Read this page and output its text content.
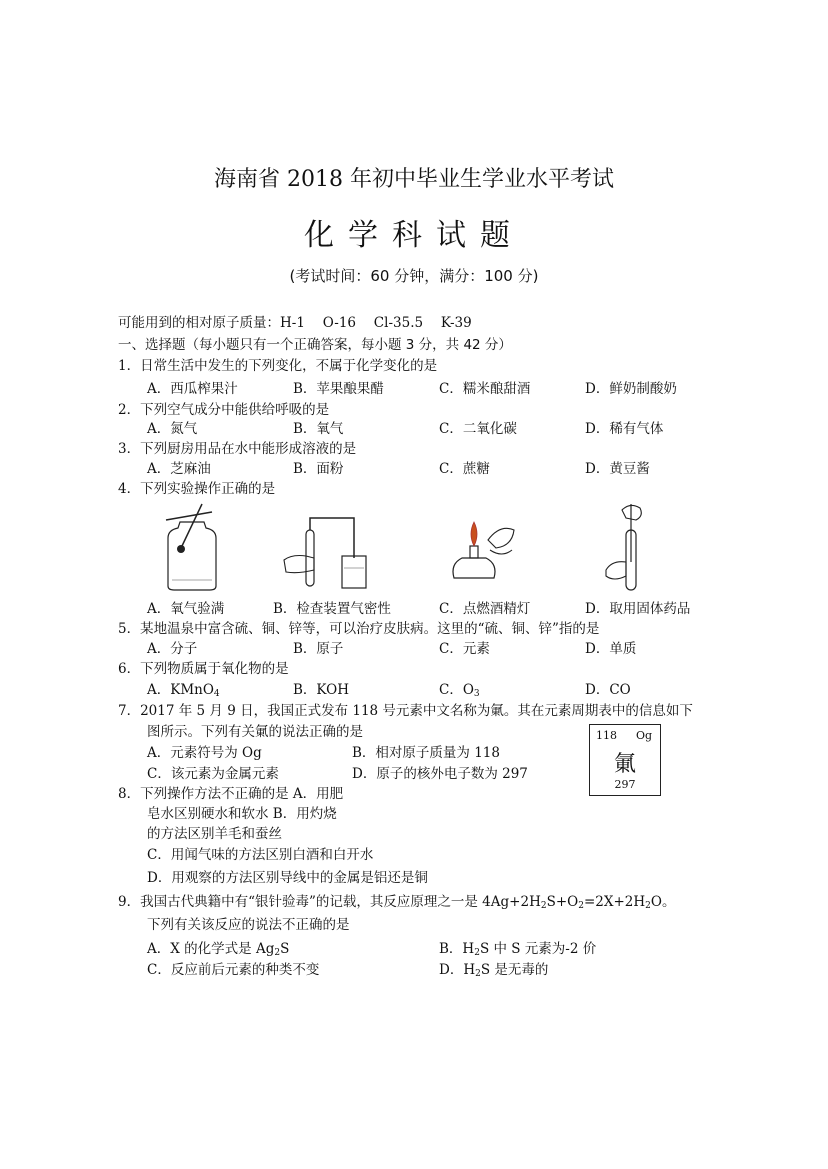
海南省 2018 年初中毕业生学业水平考试
化学科试题
(考试时间：60 分钟，满分：100 分)
可能用到的相对原子质量：H-1　 O-16　 Cl-35.5　 K-39
一、选择题（每小题只有一个正确答案，每小题 3 分，共 42 分）
1．日常生活中发生的下列变化，不属于化学变化的是
A．西瓜榨果汁	B．苹果酿果醋	C．糯米酿甜酒	D．鲜奶制酸奶
2．下列空气成分中能供给呼吸的是
A．氮气	B．氧气	C．二氧化碳	D．稀有气体
3．下列厨房用品在水中能形成溶液的是
A．芝麻油	B．面粉	C．蔗糖	D．黄豆酱
4．下列实验操作正确的是
A．氧气验满	B．检查装置气密性	C．点燃酒精灯	D．取用固体药品
5．某地温泉中富含硫、铜、锌等，可以治疗皮肤病。这里的“硫、铜、锌”指的是
A．分子	B．原子	C．元素	D．单质
6．下列物质属于氧化物的是
A．KMnO$_4$	B．KOH	C．$O_3$	D．CO
7．2017 年 5 月 9 日，我国正式发布 118 号元素中文名称为氭。其在元素周期表中的信息如下
图所示。下列有关氭的说法正确的是
A．元素符号为 Og	B．相对原子质量为 118
C．该元素为金属元素	D．原子的核外电子数为 297
118 Og
氭
297
8．下列操作方法不正确的是 A．用肥
皂水区别硬水和软水 B．用灼烧
的方法区别羊毛和蚕丝
C．用闻气味的方法区别白酒和白开水
D．用观察的方法区别导线中的金属是铝还是铜
9．我国古代典籍中有“银针验毒”的记载，其反应原理之一是 $4Ag+2H_2S+O_2=2X+2H_2O$。
下列有关该反应的说法不正确的是
A．X 的化学式是 $Ag_2S$	B．$H_2S$ 中 S 元素为-2 价
C．反应前后元素的种类不变	D．$H_2S$ 是无毒的
